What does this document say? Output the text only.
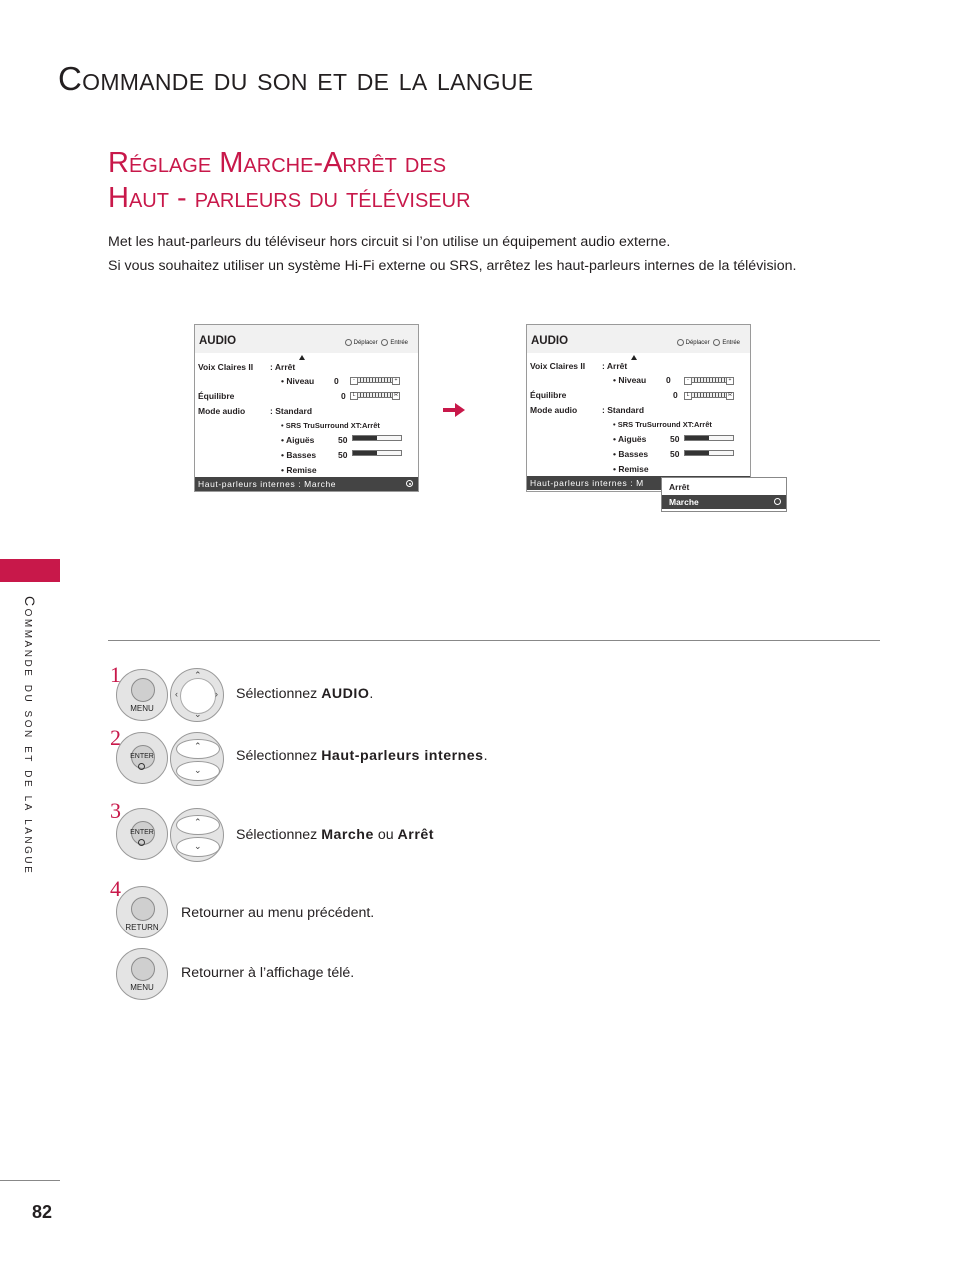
Commande du son et de la langue
Réglage Marche-Arrêt des
Haut - parleurs du téléviseur
Met les haut-parleurs du téléviseur hors circuit si l’on utilise un équipement audio externe.
Si vous souhaitez utiliser un système Hi-Fi externe ou SRS, arrêtez les haut-parleurs internes de la télévision.
Commande du son et de la langue
AUDIO	Déplacer Entrée
Voix Claires II : Arrêt
• Niveau 0	-	+
Équilibre	0	L	R
Mode audio	: Standard
• SRS TruSurround XT:Arrêt
• Aiguës	50
• Basses	50
• Remise
Haut-parleurs internes : Marche
AUDIO	Déplacer Entrée
Voix Claires II : Arrêt
• Niveau 0	-	+
Équilibre	0	L	R
Mode audio	: Standard
• SRS TruSurround XT:Arrêt
• Aiguës	50
• Basses	50
• Remise
Haut-parleurs internes : M	Arrêt
Marche
1
MENU
⌃
⌄
‹	› Sélectionnez AUDIO.
2
ENTER
⌃
⌄
Sélectionnez Haut-parleurs internes.
3
ENTER
⌃
⌄
Sélectionnez Marche ou Arrêt
4
RETURN
Retourner au menu précédent.
MENU
Retourner à l’affichage télé.
82
